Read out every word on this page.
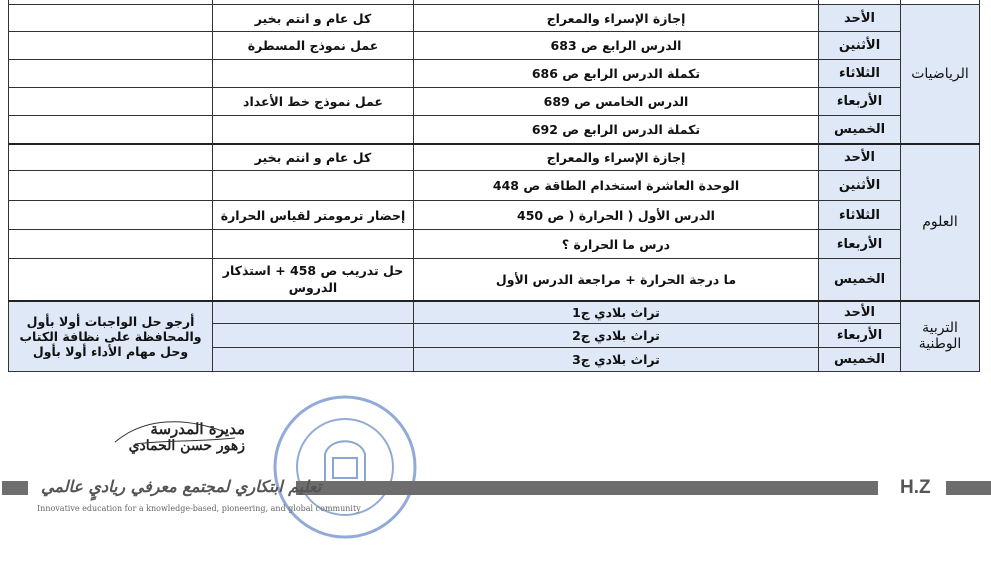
	كل عام و انتم بخير	إجازة الإسراء والمعراج	الأحد	الرياضيات
	عمل نموذج المسطرة	الدرس الرابع ص 683	الأثنين	
		تكملة الدرس الرابع ص 686	الثلاثاء	
	عمل نموذج خط الأعداد	الدرس الخامس ص 689	الأربعاء	
		تكملة الدرس الرابع ص 692	الخميس	
	كل عام و انتم بخير	إجازة الإسراء والمعراج	الأحد	العلوم
		الوحدة العاشرة استخدام الطاقة ص 448	الأثنين	
	إحضار ترمومتر لقياس الحرارة	الدرس الأول ( الحرارة ( ص 450	الثلاثاء	
		درس ما الحرارة ؟	الأربعاء	
	حل تدريب ص 458 + استذكار الدروس	ما درجة الحرارة + مراجعة الدرس الأول	الخميس	
أرجو حل الواجبات أولا بأول والمحافظة على نظافة الكتاب وحل مهام الأداء أولا بأول		تراث بلادي ج1	الأحد	التربية الوطنية
		تراث بلادي ج2	الأربعاء	
		تراث بلادي ج3	الخميس	
مديرة المدرسة
زهور حسن الحمادي
H.Z
تعليم ابتكاري لمجتمع معرفي رياديٍ عالمي
Innovative education for a knowledge-based, pioneering, and global community
